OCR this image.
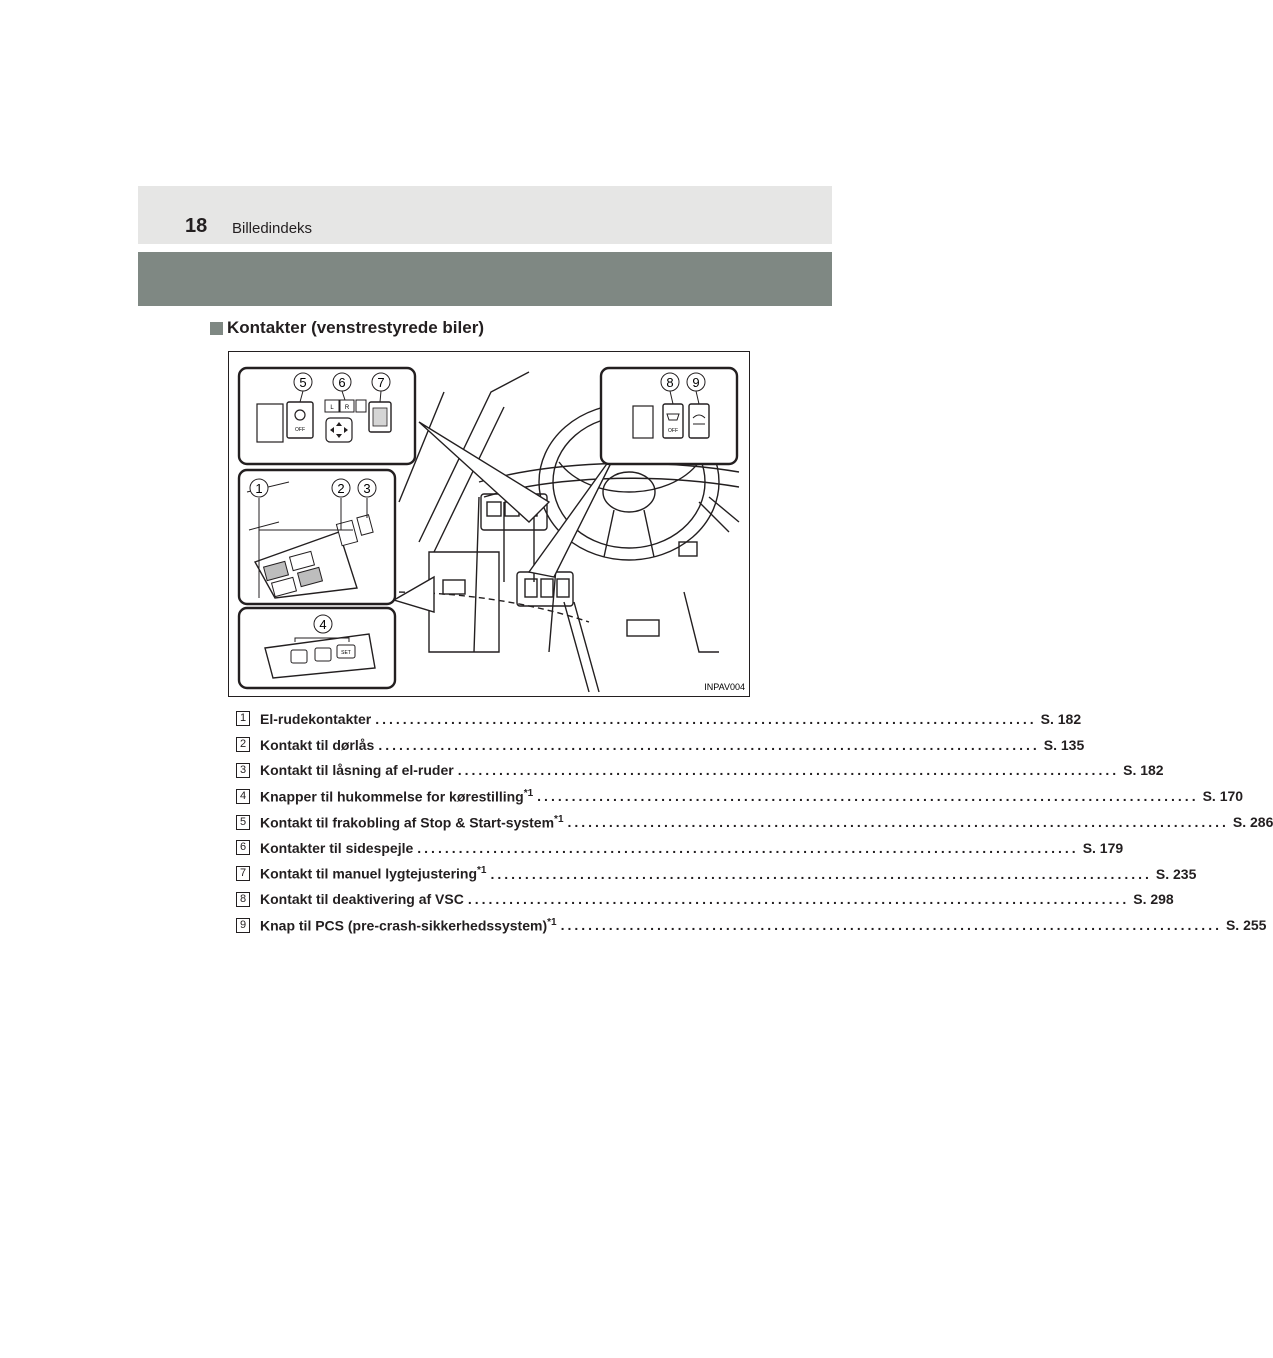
18 Billedindeks
Kontakter (venstrestyrede biler)
OFF
L R
OFF
SET
5 6 7	8 9
1	2 3
4
INPAV004
1 El-rudekontakter ................................................................................................ S. 182
2 Kontakt til dørlås ................................................................................................ S. 135
3 Kontakt til låsning af el-ruder ................................................................................................ S. 182
4 Knapper til hukommelse for kørestilling$^{*1}$ ................................................................................................ S. 170
5 Kontakt til frakobling af Stop & Start-system$^{*1}$ ................................................................................................ S. 286
6 Kontakter til sidespejle ................................................................................................ S. 179
7 Kontakt til manuel lygtejustering$^{*1}$ ................................................................................................ S. 235
8 Kontakt til deaktivering af VSC ................................................................................................ S. 298
9 Knap til PCS (pre-crash-sikkerhedssystem)$^{*1}$ ................................................................................................ S. 255
